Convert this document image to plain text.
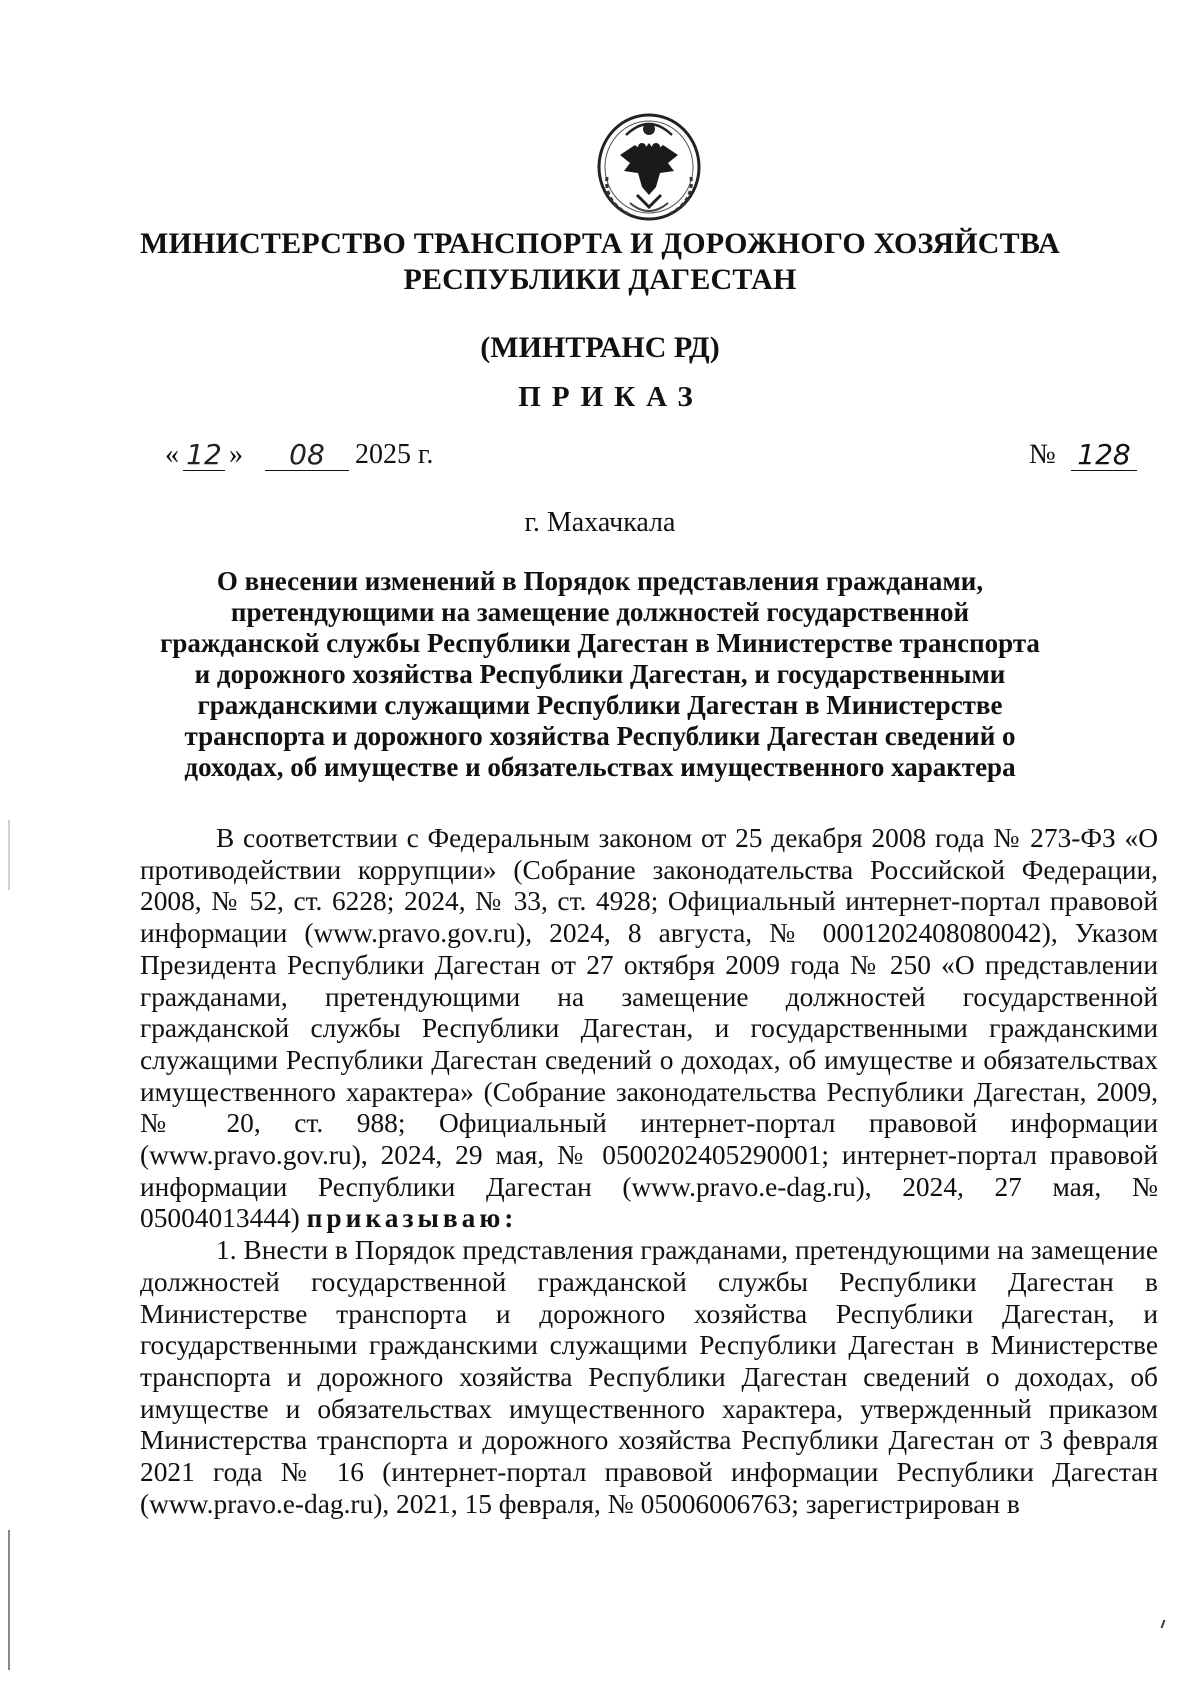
МИНИСТЕРСТВО ТРАНСПОРТА И ДОРОЖНОГО ХОЗЯЙСТВА
РЕСПУБЛИКИ ДАГЕСТАН
(МИНТРАНС РД)
ПРИКАЗ
« 12 »	08	2025 г.	№ 128
г. Махачкала
О внесении изменений в Порядок представления гражданами, претендующими на замещение должностей государственной гражданской службы Республики Дагестан в Министерстве транспорта и дорожного хозяйства Республики Дагестан, и государственными гражданскими служащими Республики Дагестан в Министерстве транспорта и дорожного хозяйства Республики Дагестан сведений о доходах, об имуществе и обязательствах имущественного характера

В соответствии с Федеральным законом от 25 декабря 2008 года № 273-ФЗ «О противодействии коррупции» (Собрание законодательства Российской Федерации, 2008, № 52, ст. 6228; 2024, № 33, ст. 4928; Официальный интернет-портал правовой информации (www.pravo.gov.ru), 2024, 8 августа, № 0001202408080042), Указом Президента Республики Дагестан от 27 октября 2009 года № 250 «О представлении гражданами, претендующими на замещение должностей государственной гражданской службы Республики Дагестан, и государственными гражданскими служащими Республики Дагестан сведений о доходах, об имуществе и обязательствах имущественного характера» (Собрание законодательства Республики Дагестан, 2009, № 20, ст. 988; Официальный интернет-портал правовой информации (www.pravo.gov.ru), 2024, 29 мая, № 0500202405290001; интернет-портал правовой информации Республики Дагестан (www.pravo.e-dag.ru), 2024, 27 мая, № 05004013444) приказываю:

1. Внести в Порядок представления гражданами, претендующими на замещение должностей государственной гражданской службы Республики Дагестан в Министерстве транспорта и дорожного хозяйства Республики Дагестан, и государственными гражданскими служащими Республики Дагестан в Министерстве транспорта и дорожного хозяйства Республики Дагестан сведений о доходах, об имуществе и обязательствах имущественного характера, утвержденный приказом Министерства транспорта и дорожного хозяйства Республики Дагестан от 3 февраля 2021 года № 16 (интернет-портал правовой информации Республики Дагестан (www.pravo.e-dag.ru), 2021, 15 февраля, № 05006006763; зарегистрирован в
